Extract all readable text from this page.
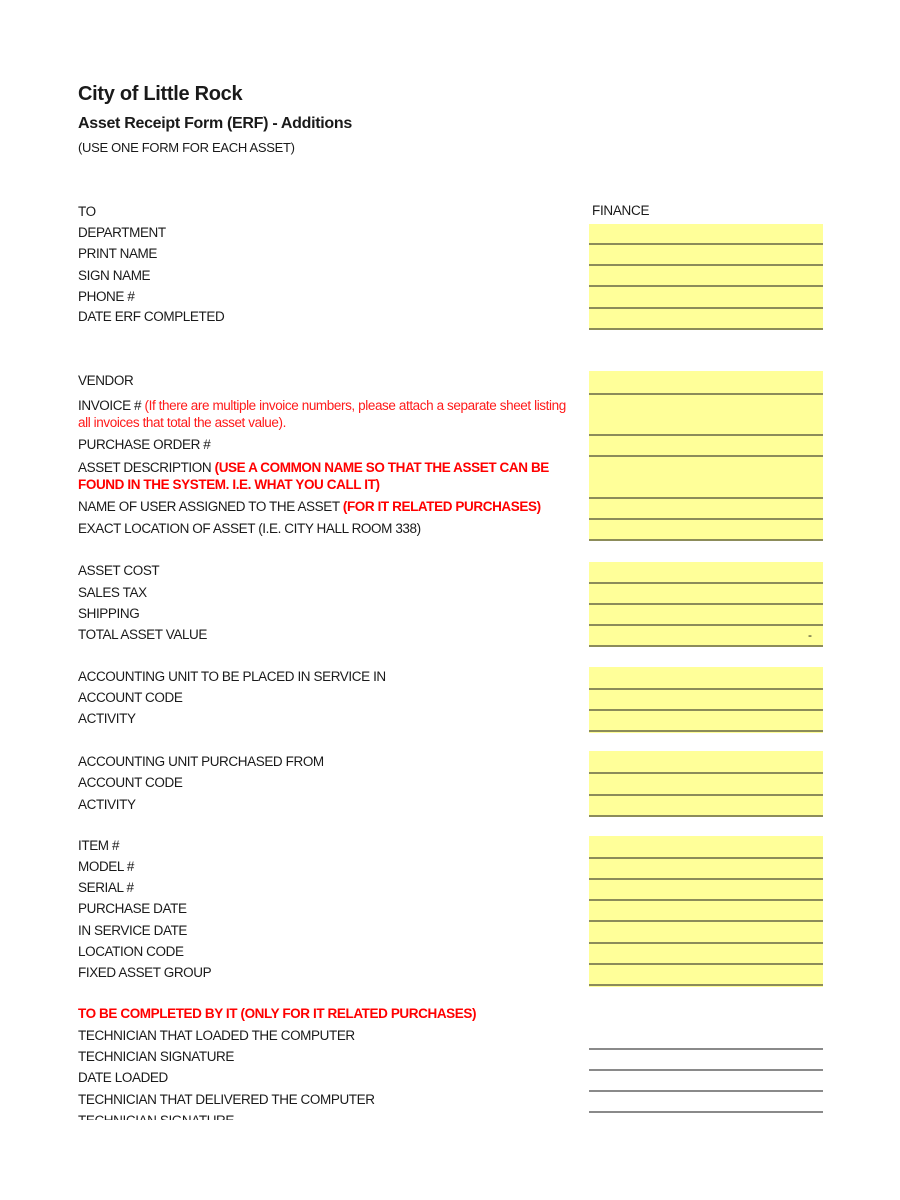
City of Little Rock
Asset Receipt Form (ERF) - Additions
(USE ONE FORM FOR EACH ASSET)
TO	FINANCE
DEPARTMENT
PRINT NAME
SIGN NAME
PHONE #
DATE ERF COMPLETED
VENDOR
INVOICE # (If there are multiple invoice numbers, please attach a separate sheet listing
all invoices that total the asset value).
PURCHASE ORDER #
ASSET DESCRIPTION (USE A COMMON NAME SO THAT THE ASSET CAN BE
FOUND IN THE SYSTEM. I.E. WHAT YOU CALL IT)
NAME OF USER ASSIGNED TO THE ASSET (FOR IT RELATED PURCHASES)
EXACT LOCATION OF ASSET (I.E. CITY HALL ROOM 338)
ASSET COST
SALES TAX
SHIPPING
TOTAL ASSET VALUE	-
ACCOUNTING UNIT TO BE PLACED IN SERVICE IN
ACCOUNT CODE
ACTIVITY
ACCOUNTING UNIT PURCHASED FROM
ACCOUNT CODE
ACTIVITY
ITEM #
MODEL #
SERIAL #
PURCHASE DATE
IN SERVICE DATE
LOCATION CODE
FIXED ASSET GROUP
TO BE COMPLETED BY IT (ONLY FOR IT RELATED PURCHASES)
TECHNICIAN THAT LOADED THE COMPUTER
TECHNICIAN SIGNATURE
DATE LOADED
TECHNICIAN THAT DELIVERED THE COMPUTER
